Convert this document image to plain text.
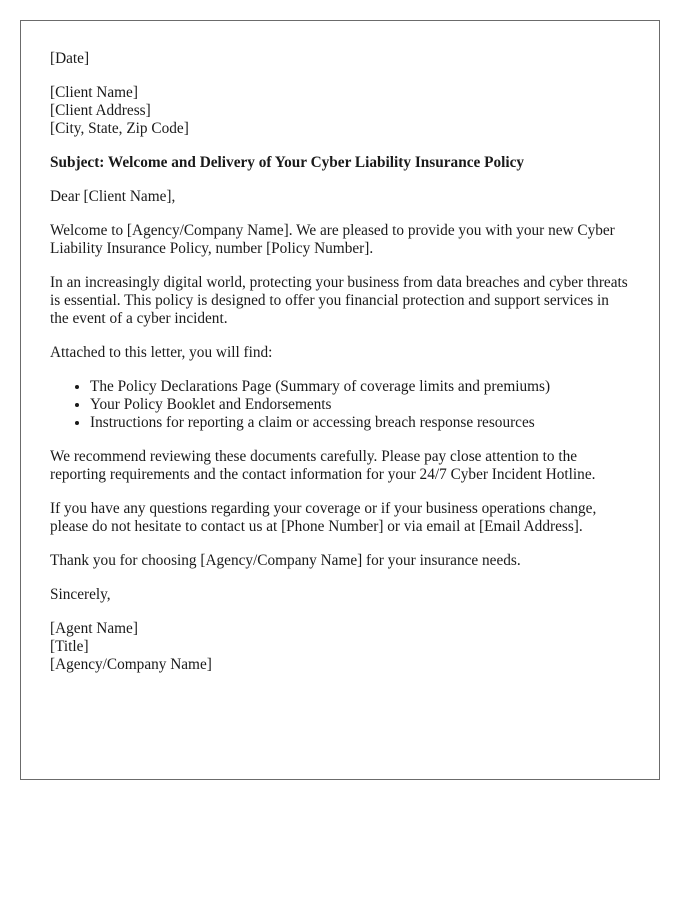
[Date]

[Client Name]
[Client Address]
[City, State, Zip Code]

Subject: Welcome and Delivery of Your Cyber Liability Insurance Policy

Dear [Client Name],

Welcome to [Agency/Company Name]. We are pleased to provide you with your new Cyber Liability Insurance Policy, number [Policy Number].

In an increasingly digital world, protecting your business from data breaches and cyber threats is essential. This policy is designed to offer you financial protection and support services in the event of a cyber incident.

Attached to this letter, you will find:

• The Policy Declarations Page (Summary of coverage limits and premiums)
• Your Policy Booklet and Endorsements
• Instructions for reporting a claim or accessing breach response resources

We recommend reviewing these documents carefully. Please pay close attention to the reporting requirements and the contact information for your 24/7 Cyber Incident Hotline.

If you have any questions regarding your coverage or if your business operations change, please do not hesitate to contact us at [Phone Number] or via email at [Email Address].

Thank you for choosing [Agency/Company Name] for your insurance needs.

Sincerely,

[Agent Name]
[Title]
[Agency/Company Name]
